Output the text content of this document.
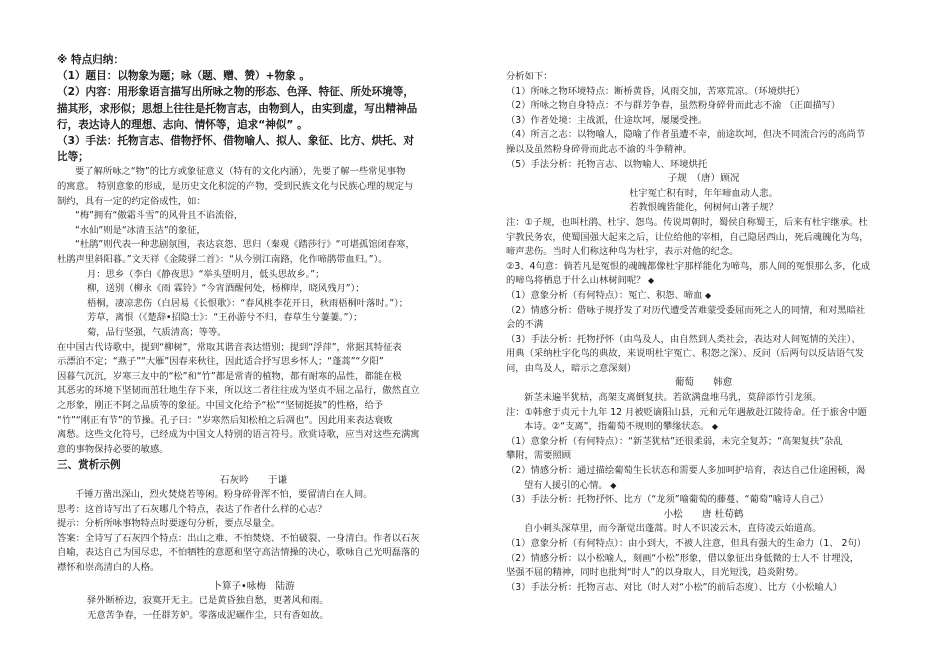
※ 特点归纳：
（1）题目：以物象为题；咏（题、赠、赞）+物象 。
（2）内容：用形象语言描写出所咏之物的形态、色泽、特征、所处环境等，
描其形，求形似；思想上往往是托物言志，由物到人，由实到虚，写出精神品
行，表达诗人的理想、志向、情怀等，追求“神似” 。
（3）手法：托物言志、借物抒怀、借物喻人、拟人、象征、比方、烘托、对
比等；
要了解所咏之“物”的比方或象征意义（特有的文化内涵），先要了解一些常见事物
的寓意。 特别意象的形成，是历史文化积淀的产物，受到民族文化与民族心理的规定与
制约，具有一定的约定俗成性，如：
“梅”拥有“傲霜斗雪”的风骨且不谄流俗，
“水仙”则是“冰清玉洁”的象征，
“杜鹃”则代表一种悲剧氛围，表达哀怨、思归（秦观《踏莎行》“可堪孤馆闭春寒，
杜鹃声里斜阳暮。”文天祥《金陵驿二首》：“从今别江南路，化作啼鹃带血归。”）。
月：思乡（李白《静夜思》“举头望明月，低头思故乡。”；
柳，送别（柳永《雨 霖铃》“今宵酒醒何处，杨柳岸，晓风残月”）；
梧桐，凄凉悲伤（白居易《长恨歌》：“春风桃李花开日，秋雨梧桐叶落时。”）；
芳草，离恨（《楚辞•招隐士》：“王孙游兮不归，春草生兮萋萋。”）；
菊，品行坚强，气质清高；等等。
在中国古代诗歌中，提到“柳树”，常取其谐音表达惜别；提到“浮萍”，常据其特征表
示漂泊不定；“燕子”“大雁”因春来秋往，因此适合抒写思乡怀人；“蓬蒿”“夕阳”
因暮气沉沉，岁寒三友中的“松”和“竹”都是常青的植物，都有耐寒的品性，都能在极
其恶劣的环境下坚韧而茁壮地生存下来，所以这二者往往成为坚贞不屈之品行，傲然直立
之形象，刚正不阿之品质等的象征。中国文化给予“松”“坚韧挺拔”的性格，给予
“竹”“刚正有节”的节操。孔子曰：“岁寒然后知松柏之后凋也”。因此用来表达衰败
离愁。这些文化符号，已经成为中国文人特别的语言符号。欣赏诗歌，应当对这些充满寓
意的事物保持必要的敏感。
三、赏析示例
石灰吟　　于谦
千锤万凿出深山，烈火焚烧若等闲。粉身碎骨浑不怕，要留清白在人间。
思考：这首诗写出了石灰哪几个特点，表达了作者什么样的心志？
提示：分析所咏事物特点时要逐句分析，要点尽量全。
答案：全诗写了石灰四个特点：出山之难、不怕焚烧、不怕破裂、一身清白。作者以石灰
自喻，表达自己为国尽忠，不怕牺牲的意愿和坚守高洁情操的决心，歌咏自己光明磊落的
襟怀和崇高清白的人格。
卜算子•咏梅　陆游
驿外断桥边，寂寞开无主。已是黄昏独自愁，更著风和雨。
无意苦争春，一任群芳妒。零落成泥碾作尘，只有香如故。
分析如下：
（1）所咏之物环境特点：断桥黄昏，风雨交加，苦寒荒凉。（环境烘托）
（2）所咏之物自身特点：不与群芳争春，虽然粉身碎骨而此志不渝 （正面描写）
（3）作者处境：主战派，仕途坎坷，屡屡受挫。
（4）所言之志：以物喻人，隐喻了作者虽遭不幸，前途坎坷，但决不同流合污的高尚节
操以及虽然粉身碎骨而此志不渝的斗争精神。
（5）手法分析：托物言志、以物喻人、环境烘托
子规　（唐）顾况
杜宇冤亡积有时，年年啼血动人悲。
若教恨魄皆能化，何树何山著子规？
注：①子规，也叫杜鹃、杜宇、怨鸟。传说周朝时，蜀侯自称蜀王，后来有杜宇继承。杜
宇教民务农，使蜀国强大起来之后，让位给他的宰相，自己隐居西山，死后魂魄化为鸟，
啼声悲伤。当时人们称这种鸟为杜宇，表示对他的纪念。
②3、4句意：倘若凡是冤恨的魂魄都像杜宇那样能化为啼鸟，那人间的冤恨那么多，化成
的啼鸟将栖息于什么山林树间呢？ ◆
（1）意象分析（有何特点）：冤亡、积怨、啼血 ◆
（2）情感分析：借咏子规抒发了对历代遭受苦难蒙受委屈而死之人的同情，和对黑暗社
会的不满
（3）手法分析：托物抒怀（由鸟及人，由自然到人类社会，表达对人间冤情的关注）、
用典（采纳杜宇化鸟的典故，来说明杜宇冤亡、积怨之深）、反问（后两句以反诘语气发
问，由鸟及人，暗示之意深刻）
葡萄　　韩愈
新茎未遍半犹枯，高架支离倒复扶。若欲满盘堆马乳，莫辞添竹引龙须。
注：①韩愈于贞元十九年 12 月被贬谪阳山县，元和元年遇赦赴江陵待命。任于旅舍中题
本诗。②“支离”，指葡萄不规则的攀缘状态。 ◆
（1）意象分析（有何特点）：“新茎犹枯”还很柔弱，未完全复苏；“高架复扶”杂乱
攀附，需要照顾
（2）情感分析：通过描绘葡萄生长状态和需要人多加呵护培育，表达自己仕途困顿，渴
望有人援引的心情。 ◆
（3）手法分析：托物抒怀、比方（“龙须”喻葡萄的藤蔓、“葡萄”喻诗人自己）
小松　　唐 杜荀鹤
自小刺头深草里，而今渐觉出蓬蒿。时人不识凌云木，直待凌云始道高。
（1）意象分析（有何特点）：由小到大，不被人注意，但具有强大的生命力（1、 2句）
（2）情感分析：以小松喻人，刻画“小松”形象，借以象征出身低微的士人不 甘埋没，
坚强不屈的精神，同时也批判“时人”的以身取人，目光短浅，趋炎附势。
（3）手法分析：托物言志、对比（时人对“小松”的前后态度）、比方（小松喻人）
